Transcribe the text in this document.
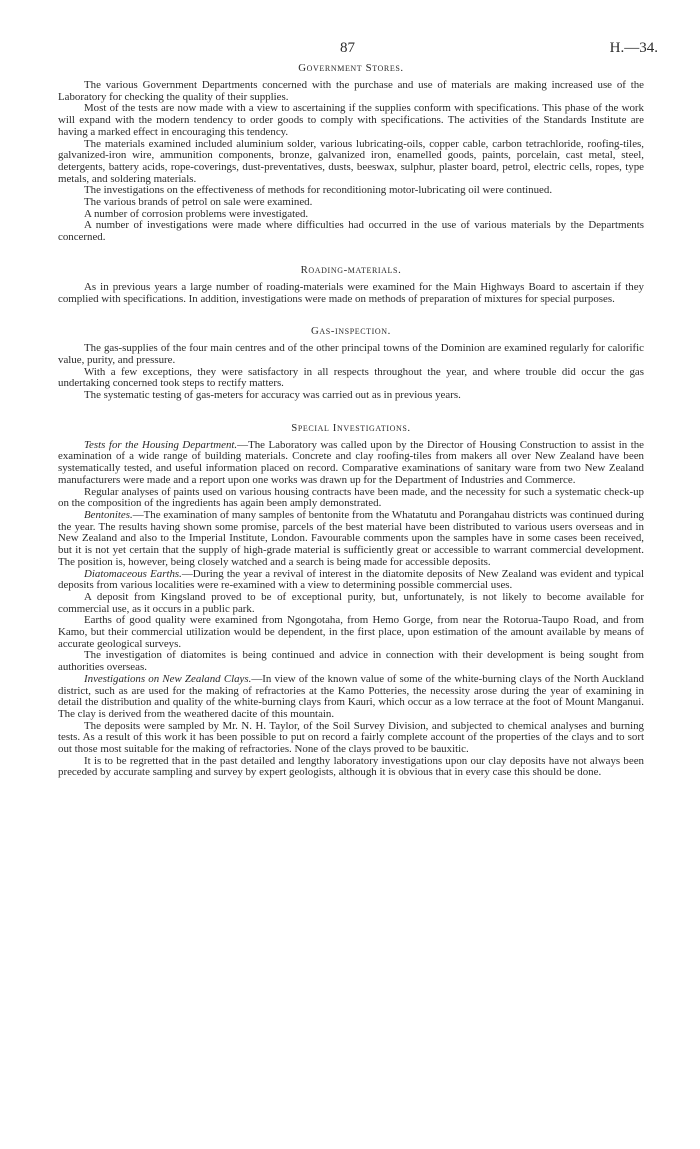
87	H.—34.
Government Stores.

The various Government Departments concerned with the purchase and use of materials are making increased use of the Laboratory for checking the quality of their supplies.

Most of the tests are now made with a view to ascertaining if the supplies conform with specifications. This phase of the work will expand with the modern tendency to order goods to comply with specifications. The activities of the Standards Institute are having a marked effect in encouraging this tendency.

The materials examined included aluminium solder, various lubricating-oils, copper cable, carbon tetrachloride, roofing-tiles, galvanized-iron wire, ammunition components, bronze, galvanized iron, enamelled goods, paints, porcelain, cast metal, steel, detergents, battery acids, rope-coverings, dust-preventatives, dusts, beeswax, sulphur, plaster board, petrol, electric cells, ropes, type metals, and soldering materials.

The investigations on the effectiveness of methods for reconditioning motor-lubricating oil were continued.

The various brands of petrol on sale were examined.

A number of corrosion problems were investigated.

A number of investigations were made where difficulties had occurred in the use of various materials by the Departments concerned.

Roading-materials.

As in previous years a large number of roading-materials were examined for the Main Highways Board to ascertain if they complied with specifications. In addition, investigations were made on methods of preparation of mixtures for special purposes.

Gas-inspection.

The gas-supplies of the four main centres and of the other principal towns of the Dominion are examined regularly for calorific value, purity, and pressure.

With a few exceptions, they were satisfactory in all respects throughout the year, and where trouble did occur the gas undertaking concerned took steps to rectify matters.

The systematic testing of gas-meters for accuracy was carried out as in previous years.

Special Investigations.

Tests for the Housing Department.—The Laboratory was called upon by the Director of Housing Construction to assist in the examination of a wide range of building materials. Concrete and clay roofing-tiles from makers all over New Zealand have been systematically tested, and useful information placed on record. Comparative examinations of sanitary ware from two New Zealand manufacturers were made and a report upon one works was drawn up for the Department of Industries and Commerce.

Regular analyses of paints used on various housing contracts have been made, and the necessity for such a systematic check-up on the composition of the ingredients has again been amply demonstrated.

Bentonites.—The examination of many samples of bentonite from the Whatatutu and Porangahau districts was continued during the year. The results having shown some promise, parcels of the best material have been distributed to various users overseas and in New Zealand and also to the Imperial Institute, London. Favourable comments upon the samples have in some cases been received, but it is not yet certain that the supply of high-grade material is sufficiently great or accessible to warrant commercial development. The position is, however, being closely watched and a search is being made for accessible deposits.

Diatomaceous Earths.—During the year a revival of interest in the diatomite deposits of New Zealand was evident and typical deposits from various localities were re-examined with a view to determining possible commercial uses.

A deposit from Kingsland proved to be of exceptional purity, but, unfortunately, is not likely to become available for commercial use, as it occurs in a public park.

Earths of good quality were examined from Ngongotaha, from Hemo Gorge, from near the Rotorua-Taupo Road, and from Kamo, but their commercial utilization would be dependent, in the first place, upon estimation of the amount available by means of accurate geological surveys.

The investigation of diatomites is being continued and advice in connection with their development is being sought from authorities overseas.

Investigations on New Zealand Clays.—In view of the known value of some of the white-burning clays of the North Auckland district, such as are used for the making of refractories at the Kamo Potteries, the necessity arose during the year of examining in detail the distribution and quality of the white-burning clays from Kauri, which occur as a low terrace at the foot of Mount Manganui. The clay is derived from the weathered dacite of this mountain.

The deposits were sampled by Mr. N. H. Taylor, of the Soil Survey Division, and subjected to chemical analyses and burning tests. As a result of this work it has been possible to put on record a fairly complete account of the properties of the clays and to sort out those most suitable for the making of refractories. None of the clays proved to be bauxitic.

It is to be regretted that in the past detailed and lengthy laboratory investigations upon our clay deposits have not always been preceded by accurate sampling and survey by expert geologists, although it is obvious that in every case this should be done.
